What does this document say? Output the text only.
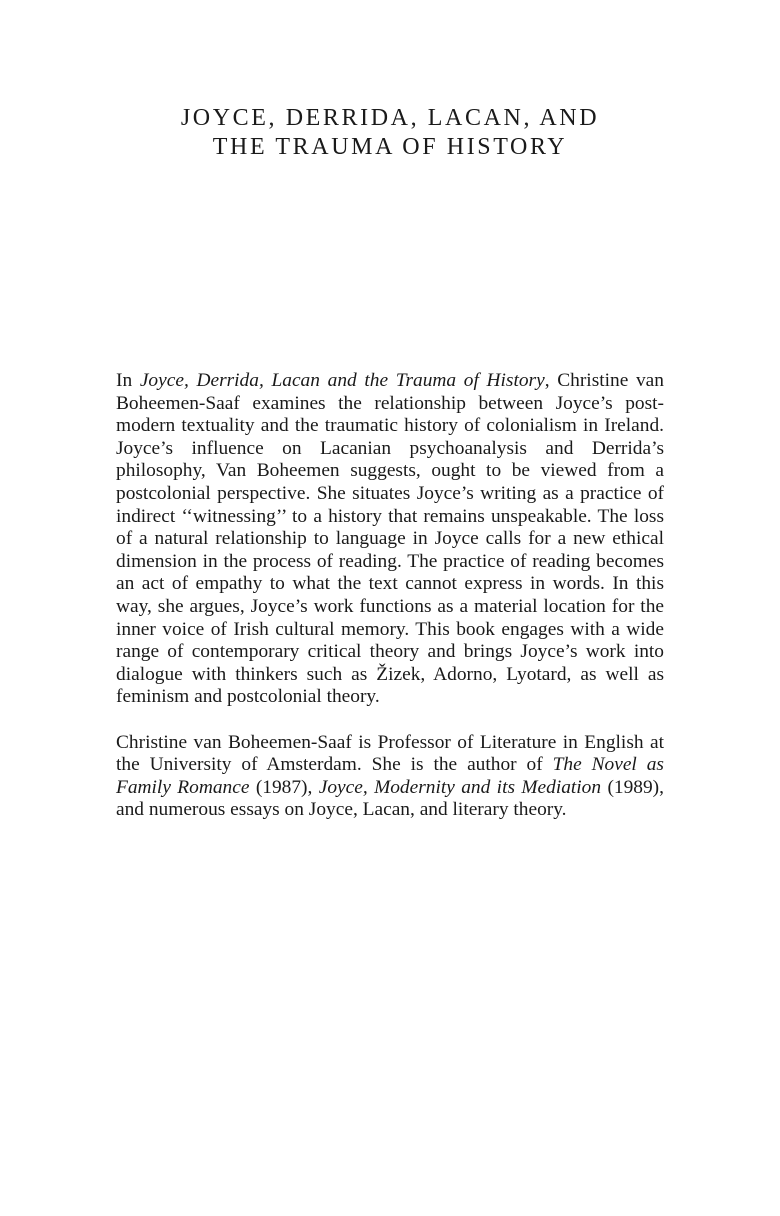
JOYCE, DERRIDA, LACAN, AND
THE TRAUMA OF HISTORY

In Joyce, Derrida, Lacan and the Trauma of History, Christine van Boheemen-Saaf examines the relationship between Joyce’s postmodern textuality and the traumatic history of colonialism in Ireland. Joyce’s influence on Lacanian psychoanalysis and Derrida’s philosophy, Van Boheemen suggests, ought to be viewed from a postcolonial perspective. She situates Joyce’s writing as a practice of indirect ‘‘witnessing’’ to a history that remains unspeakable. The loss of a natural relationship to language in Joyce calls for a new ethical dimension in the process of reading. The practice of reading becomes an act of empathy to what the text cannot express in words. In this way, she argues, Joyce’s work functions as a material location for the inner voice of Irish cultural memory. This book engages with a wide range of contemporary critical theory and brings Joyce’s work into dialogue with thinkers such as Žizek, Adorno, Lyotard, as well as feminism and postcolonial theory.

Christine van Boheemen-Saaf is Professor of Literature in English at the University of Amsterdam. She is the author of The Novel as Family Romance (1987), Joyce, Modernity and its Mediation (1989), and numerous essays on Joyce, Lacan, and literary theory.
